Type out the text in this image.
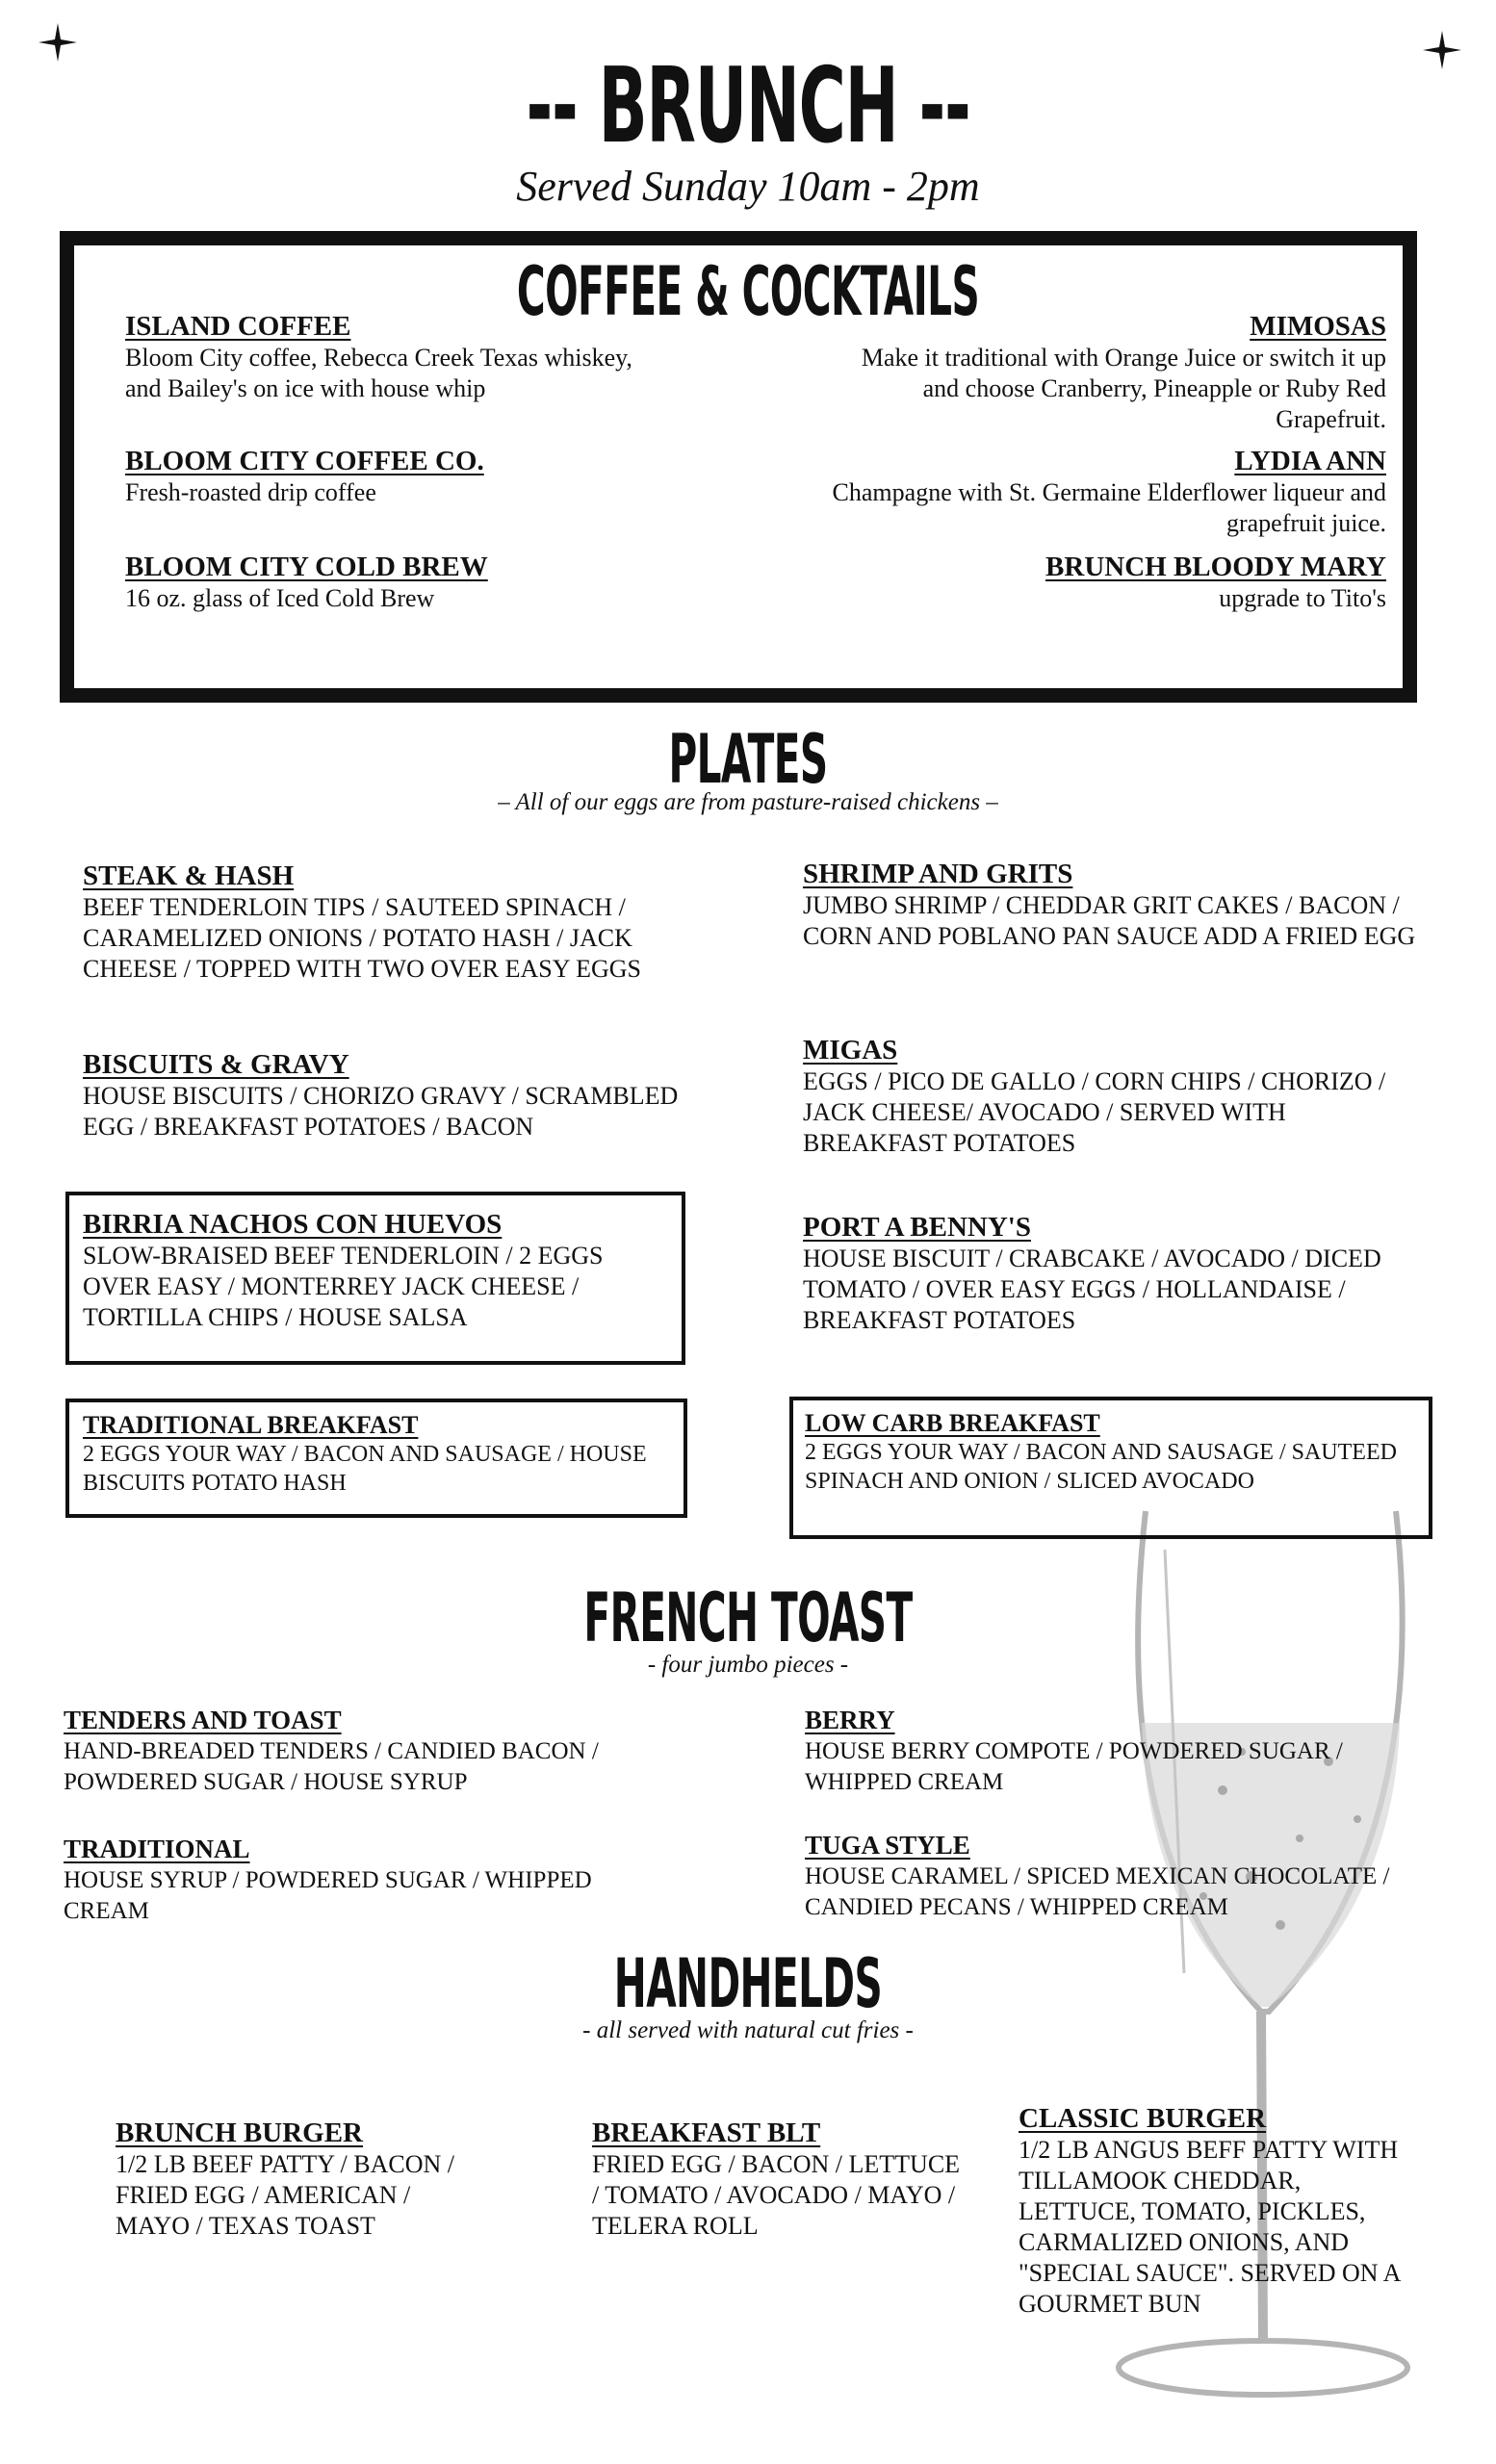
-- BRUNCH --
Served Sunday 10am - 2pm
COFFEE & COCKTAILS
ISLAND COFFEE
Bloom City coffee, Rebecca Creek Texas whiskey, and Bailey's on ice with house whip
BLOOM CITY COFFEE CO.
Fresh-roasted drip coffee
BLOOM CITY COLD BREW
16 oz. glass of Iced Cold Brew
MIMOSAS
Make it traditional with Orange Juice or switch it up and choose Cranberry, Pineapple or Ruby Red Grapefruit.
LYDIA ANN
Champagne with St. Germaine Elderflower liqueur and grapefruit juice.
BRUNCH BLOODY MARY
upgrade to Tito's
PLATES
– All of our eggs are from pasture-raised chickens –
STEAK & HASH
BEEF TENDERLOIN TIPS / SAUTEED SPINACH / CARAMELIZED ONIONS / POTATO HASH / JACK CHEESE / TOPPED WITH TWO OVER EASY EGGS
SHRIMP AND GRITS
JUMBO SHRIMP / CHEDDAR GRIT CAKES / BACON / CORN AND POBLANO PAN SAUCE ADD A FRIED EGG
BISCUITS & GRAVY
HOUSE BISCUITS / CHORIZO GRAVY / SCRAMBLED EGG / BREAKFAST POTATOES / BACON
MIGAS
EGGS / PICO DE GALLO / CORN CHIPS / CHORIZO / JACK CHEESE/ AVOCADO / SERVED WITH BREAKFAST POTATOES
BIRRIA NACHOS CON HUEVOS
SLOW-BRAISED BEEF TENDERLOIN / 2 EGGS OVER EASY / MONTERREY JACK CHEESE / TORTILLA CHIPS / HOUSE SALSA
PORT A BENNY'S
HOUSE BISCUIT / CRABCAKE / AVOCADO / DICED TOMATO / OVER EASY EGGS / HOLLANDAISE / BREAKFAST POTATOES
TRADITIONAL BREAKFAST
2 EGGS YOUR WAY / BACON AND SAUSAGE / HOUSE BISCUITS POTATO HASH
LOW CARB BREAKFAST
2 EGGS YOUR WAY / BACON AND SAUSAGE / SAUTEED SPINACH AND ONION / SLICED AVOCADO
FRENCH TOAST
- four jumbo pieces -
TENDERS AND TOAST
HAND-BREADED TENDERS / CANDIED BACON / POWDERED SUGAR / HOUSE SYRUP
BERRY
HOUSE BERRY COMPOTE / POWDERED SUGAR / WHIPPED CREAM
TRADITIONAL
HOUSE SYRUP / POWDERED SUGAR / WHIPPED CREAM
TUGA STYLE
HOUSE CARAMEL / SPICED MEXICAN CHOCOLATE / CANDIED PECANS / WHIPPED CREAM
HANDHELDS
- all served with natural cut fries -
BRUNCH BURGER
1/2 LB BEEF PATTY / BACON / FRIED EGG / AMERICAN / MAYO / TEXAS TOAST
BREAKFAST BLT
FRIED EGG / BACON / LETTUCE / TOMATO / AVOCADO / MAYO / TELERA ROLL
CLASSIC BURGER
1/2 LB ANGUS BEFF PATTY WITH TILLAMOOK CHEDDAR, LETTUCE, TOMATO, PICKLES, CARMALIZED ONIONS, AND "SPECIAL SAUCE". SERVED ON A GOURMET BUN
